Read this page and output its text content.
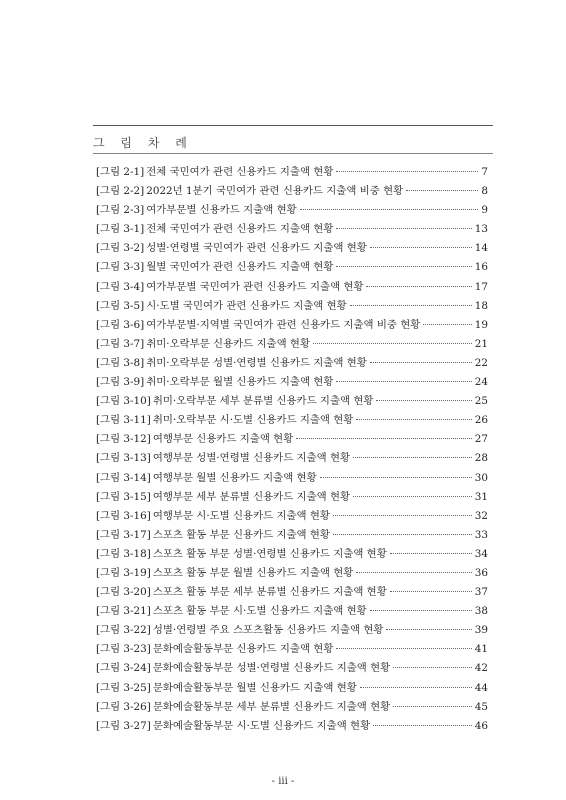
그 림 차 례
[그림 2-1] 전체 국민여가 관련 신용카드 지출액 현황	7
[그림 2-2] 2022년 1분기 국민여가 관련 신용카드 지출액 비중 현황	8
[그림 2-3] 여가부문별 신용카드 지출액 현황	9
[그림 3-1] 전체 국민여가 관련 신용카드 지출액 현황	13
[그림 3-2] 성별·연령별 국민여가 관련 신용카드 지출액 현황	14
[그림 3-3] 월별 국민여가 관련 신용카드 지출액 현황	16
[그림 3-4] 여가부문별 국민여가 관련 신용카드 지출액 현황	17
[그림 3-5] 시·도별 국민여가 관련 신용카드 지출액 현황	18
[그림 3-6] 여가부문별·지역별 국민여가 관련 신용카드 지출액 비중 현황	19
[그림 3-7] 취미·오락부문 신용카드 지출액 현황	21
[그림 3-8] 취미·오락부문 성별·연령별 신용카드 지출액 현황	22
[그림 3-9] 취미·오락부문 월별 신용카드 지출액 현황	24
[그림 3-10] 취미·오락부문 세부 분류별 신용카드 지출액 현황	25
[그림 3-11] 취미·오락부문 시·도별 신용카드 지출액 현황	26
[그림 3-12] 여행부문 신용카드 지출액 현황	27
[그림 3-13] 여행부문 성별·연령별 신용카드 지출액 현황	28
[그림 3-14] 여행부문 월별 신용카드 지출액 현황	30
[그림 3-15] 여행부문 세부 분류별 신용카드 지출액 현황	31
[그림 3-16] 여행부문 시·도별 신용카드 지출액 현황	32
[그림 3-17] 스포츠 활동 부문 신용카드 지출액 현황	33
[그림 3-18] 스포츠 활동 부문 성별·연령별 신용카드 지출액 현황	34
[그림 3-19] 스포츠 활동 부문 월별 신용카드 지출액 현황	36
[그림 3-20] 스포츠 활동 부문 세부 분류별 신용카드 지출액 현황	37
[그림 3-21] 스포츠 활동 부문 시·도별 신용카드 지출액 현황	38
[그림 3-22] 성별·연령별 주요 스포츠활동 신용카드 지출액 현황	39
[그림 3-23] 문화예술활동부문 신용카드 지출액 현황	41
[그림 3-24] 문화예술활동부문 성별·연령별 신용카드 지출액 현황	42
[그림 3-25] 문화예술활동부문 월별 신용카드 지출액 현황	44
[그림 3-26] 문화예술활동부문 세부 분류별 신용카드 지출액 현황	45
[그림 3-27] 문화예술활동부문 시·도별 신용카드 지출액 현황	46
- iii -
